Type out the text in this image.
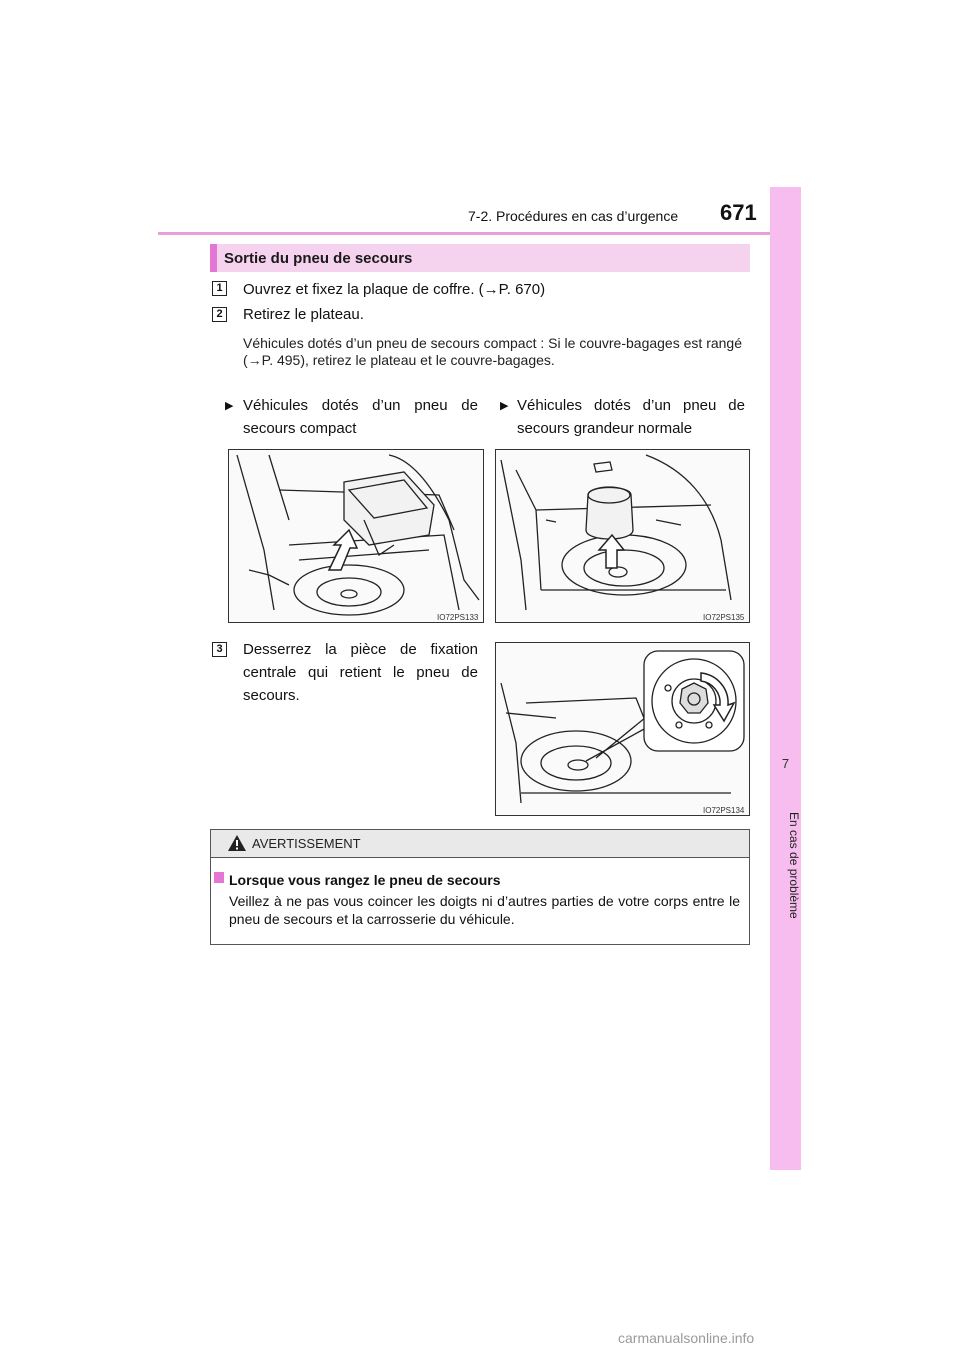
7-2. Procédures en cas d’urgence 671
7
En cas de problème
Sortie du pneu de secours
1 Ouvrez et fixez la plaque de coffre. (→P. 670)
2 Retirez le plateau.
Véhicules dotés d’un pneu de secours compact : Si le couvre-bagages est rangé (→P. 495), retirez le plateau et le couvre-bagages.
▶ Véhicules dotés d’un pneu de secours compact
▶ Véhicules dotés d’un pneu de secours grandeur normale
IO72PS133	IO72PS135
3 Desserrez la pièce de fixation centrale qui retient le pneu de secours.
IO72PS134
AVERTISSEMENT
Lorsque vous rangez le pneu de secours
Veillez à ne pas vous coincer les doigts ni d’autres parties de votre corps entre le pneu de secours et la carrosserie du véhicule.
carmanualsonline.info
